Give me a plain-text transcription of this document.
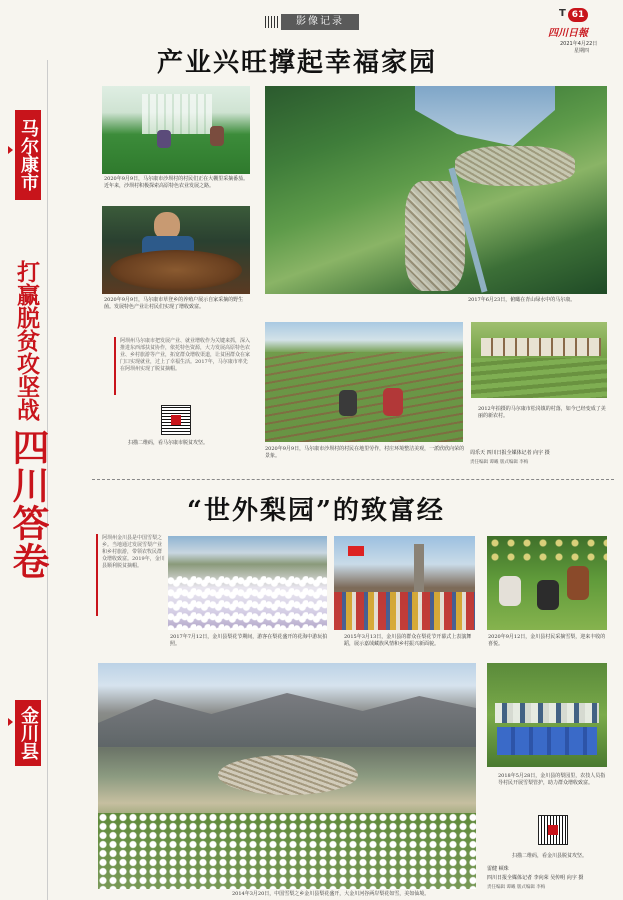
影像记录
T 61
四川日報
2021年4月22日
星期四
马尔康市
打赢脱贫攻坚战
四川答卷
金川县
产业兴旺撑起幸福家园
2020年9月9日，马尔康市沙坝村的村民们正在大棚里采摘番茄。近年来，沙坝村积极探索高原特色农业发展之路。
2020年9月9日，马尔康市草登乡的养殖户展示自家采摘的野生菌。发展特色产业让村民们实现了增收致富。
阿坝州马尔康市把发展产业、就业增收作为关键来抓，深入推进东西部扶贫协作，依托特色资源，大力发展高原特色农业、乡村旅游等产业，拓宽群众增收渠道，让贫困群众在家门口实现就业，过上了幸福生活。2017年，马尔康市率先在阿坝州实现了脱贫摘帽。
扫描二维码，看马尔康市脱贫攻坚。
2017年6月23日，俯瞰在青山绿水中的马尔康。
2020年9月9日，马尔康市沙坝村的村民在地里劳作，村庄环境整洁美观，一派欣欣向荣的景象。
2012年拍摄的马尔康市松岗镇的村落，如今已经变成了美丽的新农村。
周乐天 四川日报全媒体记者 向宇 摄
责任编辑 谭曦 版式编辑 李梅
“世外梨园”的致富经
阿坝州金川县是中国雪梨之乡。当地通过发展雪梨产业和乡村旅游，带领农牧民群众增收致富。2019年，金川县顺利脱贫摘帽。
2017年7月12日，金川县梨花节期间，游客在梨花盛开的花海中游玩拍照。
2015年3月13日，金川县的群众在梨花节开幕式上表演舞蹈，展示嘉绒藏族风情和乡村振兴新面貌。
2020年9月12日，金川县村民采摘雪梨，迎来丰收的喜悦。
2014年3月20日，中国雪梨之乡金川县梨花盛开，大金川河谷两岸梨花如雪，美如仙境。
2018年5月28日，金川县的梨园里，农技人员指导村民开展雪梨管护，助力群众增收致富。
扫描二维码，看金川县脱贫攻坚。
雷健 顿珠
四川日报全媒体记者 李向荣 吴传明 向宇 摄
责任编辑 谭曦 版式编辑 李梅
